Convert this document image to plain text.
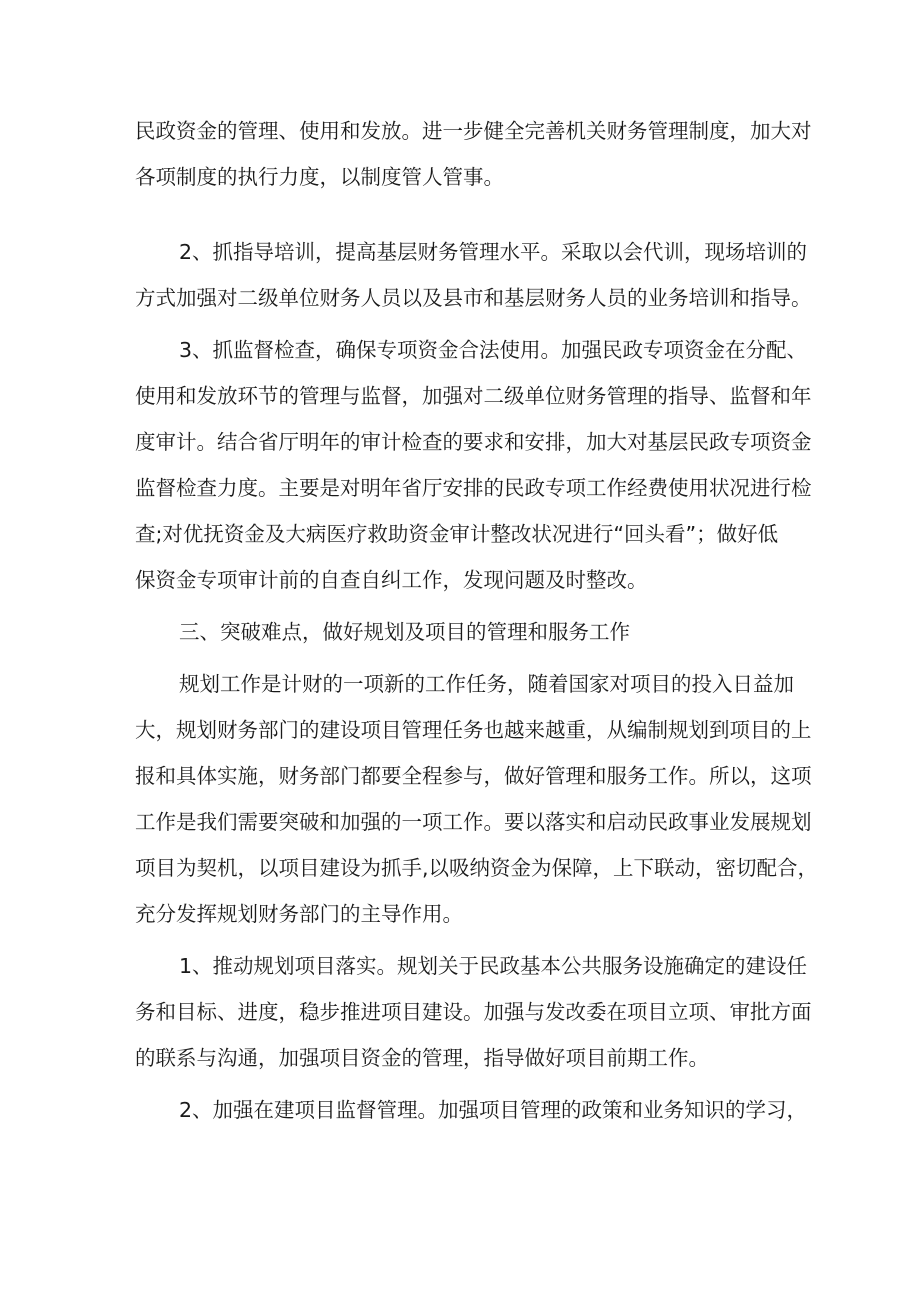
民政资金的管理、使用和发放。进一步健全完善机关财务管理制度，加大对
各项制度的执行力度，以制度管人管事。
2、抓指导培训，提高基层财务管理水平。采取以会代训，现场培训的
方式加强对二级单位财务人员以及县市和基层财务人员的业务培训和指导。
3、抓监督检查，确保专项资金合法使用。加强民政专项资金在分配、
使用和发放环节的管理与监督，加强对二级单位财务管理的指导、监督和年
度审计。结合省厅明年的审计检查的要求和安排，加大对基层民政专项资金
监督检查力度。主要是对明年省厅安排的民政专项工作经费使用状况进行检
查;对优抚资金及大病医疗救助资金审计整改状况进行“回头看”；做好低
保资金专项审计前的自查自纠工作，发现问题及时整改。
三、突破难点，做好规划及项目的管理和服务工作
规划工作是计财的一项新的工作任务，随着国家对项目的投入日益加
大，规划财务部门的建设项目管理任务也越来越重，从编制规划到项目的上
报和具体实施，财务部门都要全程参与，做好管理和服务工作。所以，这项
工作是我们需要突破和加强的一项工作。要以落实和启动民政事业发展规划
项目为契机，以项目建设为抓手,以吸纳资金为保障，上下联动，密切配合，
充分发挥规划财务部门的主导作用。
1、推动规划项目落实。规划关于民政基本公共服务设施确定的建设任
务和目标、进度，稳步推进项目建设。加强与发改委在项目立项、审批方面
的联系与沟通，加强项目资金的管理，指导做好项目前期工作。
2、加强在建项目监督管理。加强项目管理的政策和业务知识的学习，
